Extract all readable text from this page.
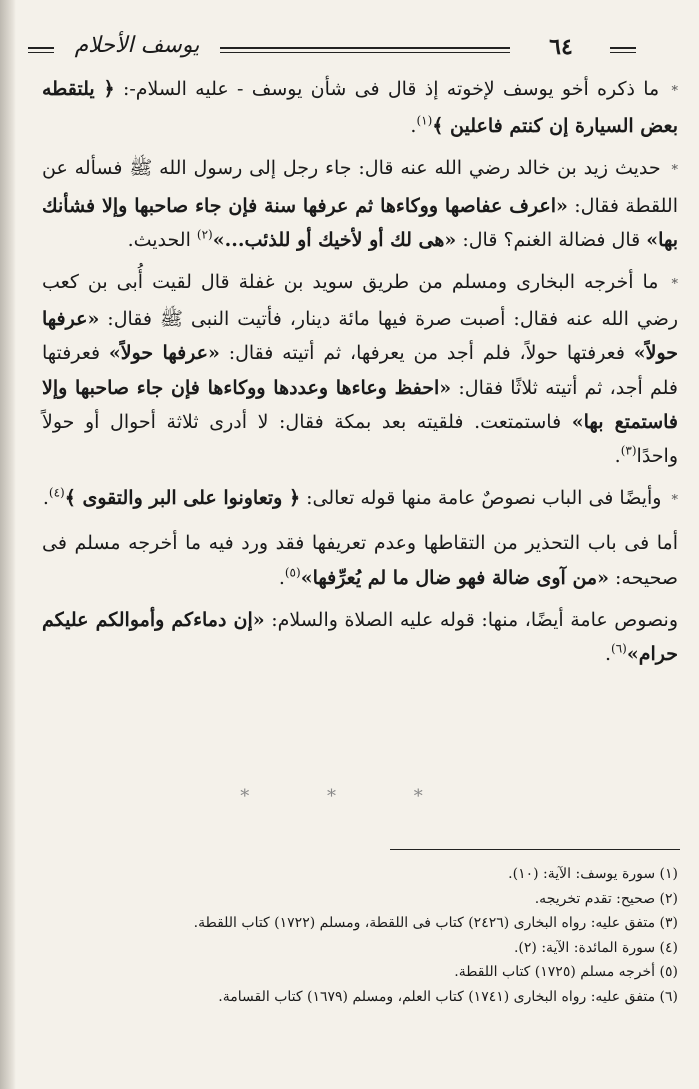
يوسف الأحلام	٦٤

* ما ذكره أخو يوسف لإخوته إذ قال فى شأن يوسف - عليه السلام-: ﴿ يلتقطه بعض السيارة إن كنتم فاعلين ﴾$^{(١)}$.

* حديث زيد بن خالد رضي الله عنه قال: جاء رجل إلى رسول الله ﷺ فسأله عن اللقطة فقال: «اعرف عفاصها ووكاءها ثم عرفها سنة فإن جاء صاحبها وإلا فشأنك بها» قال فضالة الغنم؟ قال: «هى لك أو لأخيك أو للذئب...»$^{(٢)}$ الحديث.

* ما أخرجه البخارى ومسلم من طريق سويد بن غفلة قال لقيت أُبى بن كعب رضي الله عنه فقال: أصبت صرة فيها مائة دينار، فأتيت النبى ﷺ فقال: «عرفها حولاً» فعرفتها حولاً، فلم أجد من يعرفها، ثم أتيته فقال: «عرفها حولاً» فعرفتها فلم أجد، ثم أتيته ثلاثًا فقال: «احفظ وعاءها وعددها ووكاءها فإن جاء صاحبها وإلا فاستمتع بها» فاستمتعت. فلقيته بعد بمكة فقال: لا أدرى ثلاثة أحوال أو حولاً واحدًا$^{(٣)}$.

* وأيضًا فى الباب نصوصٌ عامة منها قوله تعالى: ﴿ وتعاونوا على البر والتقوى ﴾$^{(٤)}$.

أما فى باب التحذير من التقاطها وعدم تعريفها فقد ورد فيه ما أخرجه مسلم فى صحيحه: «من آوى ضالة فهو ضال ما لم يُعرِّفها»$^{(٥)}$.

ونصوص عامة أيضًا، منها: قوله عليه الصلاة والسلام: «إن دماءكم وأموالكم عليكم حرام»$^{(٦)}$.

* * *

(١) سورة يوسف: الآية: (١٠).

(٢) صحيح: تقدم تخريجه.

(٣) متفق عليه: رواه البخارى (٢٤٢٦) كتاب فى اللقطة، ومسلم (١٧٢٢) كتاب اللقطة.

(٤) سورة المائدة: الآية: (٢).

(٥) أخرجه مسلم (١٧٢٥) كتاب اللقطة.

(٦) متفق عليه: رواه البخارى (١٧٤١) كتاب العلم، ومسلم (١٦٧٩) كتاب القسامة.
